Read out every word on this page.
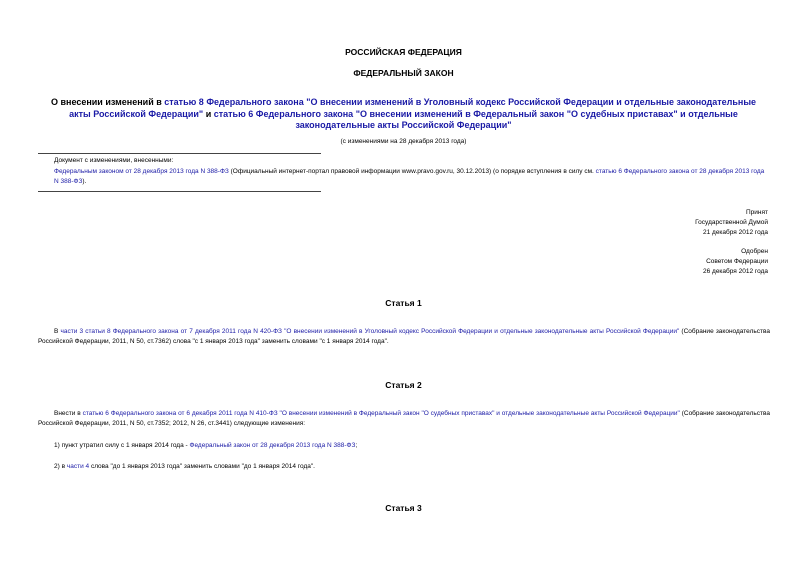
РОССИЙСКАЯ ФЕДЕРАЦИЯ
ФЕДЕРАЛЬНЫЙ ЗАКОН
О внесении изменений в статью 8 Федерального закона "О внесении изменений в Уголовный кодекс Российской Федерации и отдельные законодательные акты Российской Федерации" и статью 6 Федерального закона "О внесении изменений в Федеральный закон "О судебных приставах" и отдельные законодательные акты Российской Федерации"
(с изменениями на 28 декабря 2013 года)
Документ с изменениями, внесенными:
Федеральным законом от 28 декабря 2013 года N 388-ФЗ (Официальный интернет-портал правовой информации www.pravo.gov.ru, 30.12.2013) (о порядке вступления в силу см. статью 6 Федерального закона от 28 декабря 2013 года N 388-ФЗ).
Принят
Государственной Думой
21 декабря 2012 года
Одобрен
Советом Федерации
26 декабря 2012 года
Статья 1
В части 3 статьи 8 Федерального закона от 7 декабря 2011 года N 420-ФЗ "О внесении изменений в Уголовный кодекс Российской Федерации и отдельные законодательные акты Российской Федерации" (Собрание законодательства Российской Федерации, 2011, N 50, ст.7362) слова "с 1 января 2013 года" заменить словами "с 1 января 2014 года".
Статья 2
Внести в статью 6 Федерального закона от 6 декабря 2011 года N 410-ФЗ "О внесении изменений в Федеральный закон "О судебных приставах" и отдельные законодательные акты Российской Федерации" (Собрание законодательства Российской Федерации, 2011, N 50, ст.7352; 2012, N 26, ст.3441) следующие изменения:
1) пункт утратил силу с 1 января 2014 года - Федеральный закон от 28 декабря 2013 года N 388-ФЗ;
2) в части 4 слова "до 1 января 2013 года" заменить словами "до 1 января 2014 года".
Статья 3
